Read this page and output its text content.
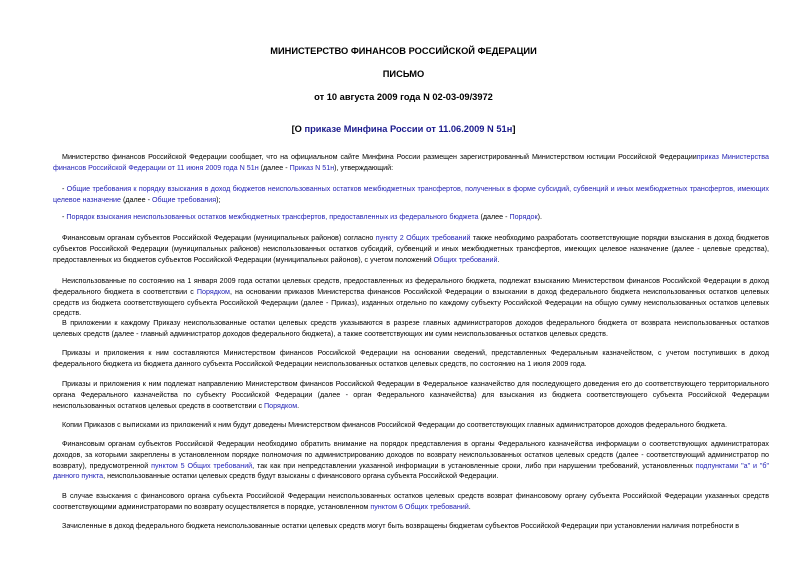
МИНИСТЕРСТВО ФИНАНСОВ РОССИЙСКОЙ ФЕДЕРАЦИИ
ПИСЬМО
от 10 августа 2009 года N 02-03-09/3972
[О приказе Минфина России от 11.06.2009 N 51н]
Министерство финансов Российской Федерации сообщает, что на официальном сайте Минфина России размещен зарегистрированный Министерством юстиции Российской Федерацииприказ Министерства финансов Российской Федерации от 11 июня 2009 года N 51н (далее - Приказ N 51н), утверждающий:
- Общие требования к порядку взыскания в доход бюджетов неиспользованных остатков межбюджетных трансфертов, полученных в форме субсидий, субвенций и иных межбюджетных трансфертов, имеющих целевое назначение (далее - Общие требования);
- Порядок взыскания неиспользованных остатков межбюджетных трансфертов, предоставленных из федерального бюджета (далее - Порядок).
Финансовым органам субъектов Российской Федерации (муниципальных районов) согласно пункту 2 Общих требований также необходимо разработать соответствующие порядки взыскания в доход бюджетов субъектов Российской Федерации (муниципальных районов) неиспользованных остатков субсидий, субвенций и иных межбюджетных трансфертов, имеющих целевое назначение (далее - целевые средства), предоставленных из бюджетов субъектов Российской Федерации (муниципальных районов), с учетом положений Общих требований.
Неиспользованные по состоянию на 1 января 2009 года остатки целевых средств, предоставленных из федерального бюджета, подлежат взысканию Министерством финансов Российской Федерации в доход федерального бюджета в соответствии с Порядком, на основании приказов Министерства финансов Российской Федерации о взыскании в доход федерального бюджета неиспользованных остатков целевых средств из бюджета соответствующего субъекта Российской Федерации (далее - Приказ), изданных отдельно по каждому субъекту Российской Федерации на общую сумму неиспользованных остатков целевых средств.
В приложении к каждому Приказу неиспользованные остатки целевых средств указываются в разрезе главных администраторов доходов федерального бюджета от возврата неиспользованных остатков целевых средств (далее - главный администратор доходов федерального бюджета), а также соответствующих им сумм неиспользованных остатков целевых средств.
Приказы и приложения к ним составляются Министерством финансов Российской Федерации на основании сведений, представленных Федеральным казначейством, с учетом поступивших в доход федерального бюджета из бюджета данного субъекта Российской Федерации неиспользованных остатков целевых средств, по состоянию на 1 июля 2009 года.
Приказы и приложения к ним подлежат направлению Министерством финансов Российской Федерации в Федеральное казначейство для последующего доведения его до соответствующего территориального органа Федерального казначейства по субъекту Российской Федерации (далее - орган Федерального казначейства) для взыскания из бюджета соответствующего субъекта Российской Федерации неиспользованных остатков целевых средств в соответствии с Порядком.
Копии Приказов с выписками из приложений к ним будут доведены Министерством финансов Российской Федерации до соответствующих главных администраторов доходов федерального бюджета.
Финансовым органам субъектов Российской Федерации необходимо обратить внимание на порядок представления в органы Федерального казначейства информации о соответствующих администраторах доходов, за которыми закреплены в установленном порядке полномочия по администрированию доходов по возврату неиспользованных остатков целевых средств (далее - соответствующий администратор по возврату), предусмотренной пунктом 5 Общих требований, так как при непредставлении указанной информации в установленные сроки, либо при нарушении требований, установленных подпунктами "а" и "б" данного пункта, неиспользованные остатки целевых средств будут взысканы с финансового органа субъекта Российской Федерации.
В случае взыскания с финансового органа субъекта Российской Федерации неиспользованных остатков целевых средств возврат финансовому органу субъекта Российской Федерации указанных средств соответствующими администраторами по возврату осуществляется в порядке, установленном пунктом 6 Общих требований.
Зачисленные в доход федерального бюджета неиспользованные остатки целевых средств могут быть возвращены бюджетам субъектов Российской Федерации при установлении наличия потребности в
